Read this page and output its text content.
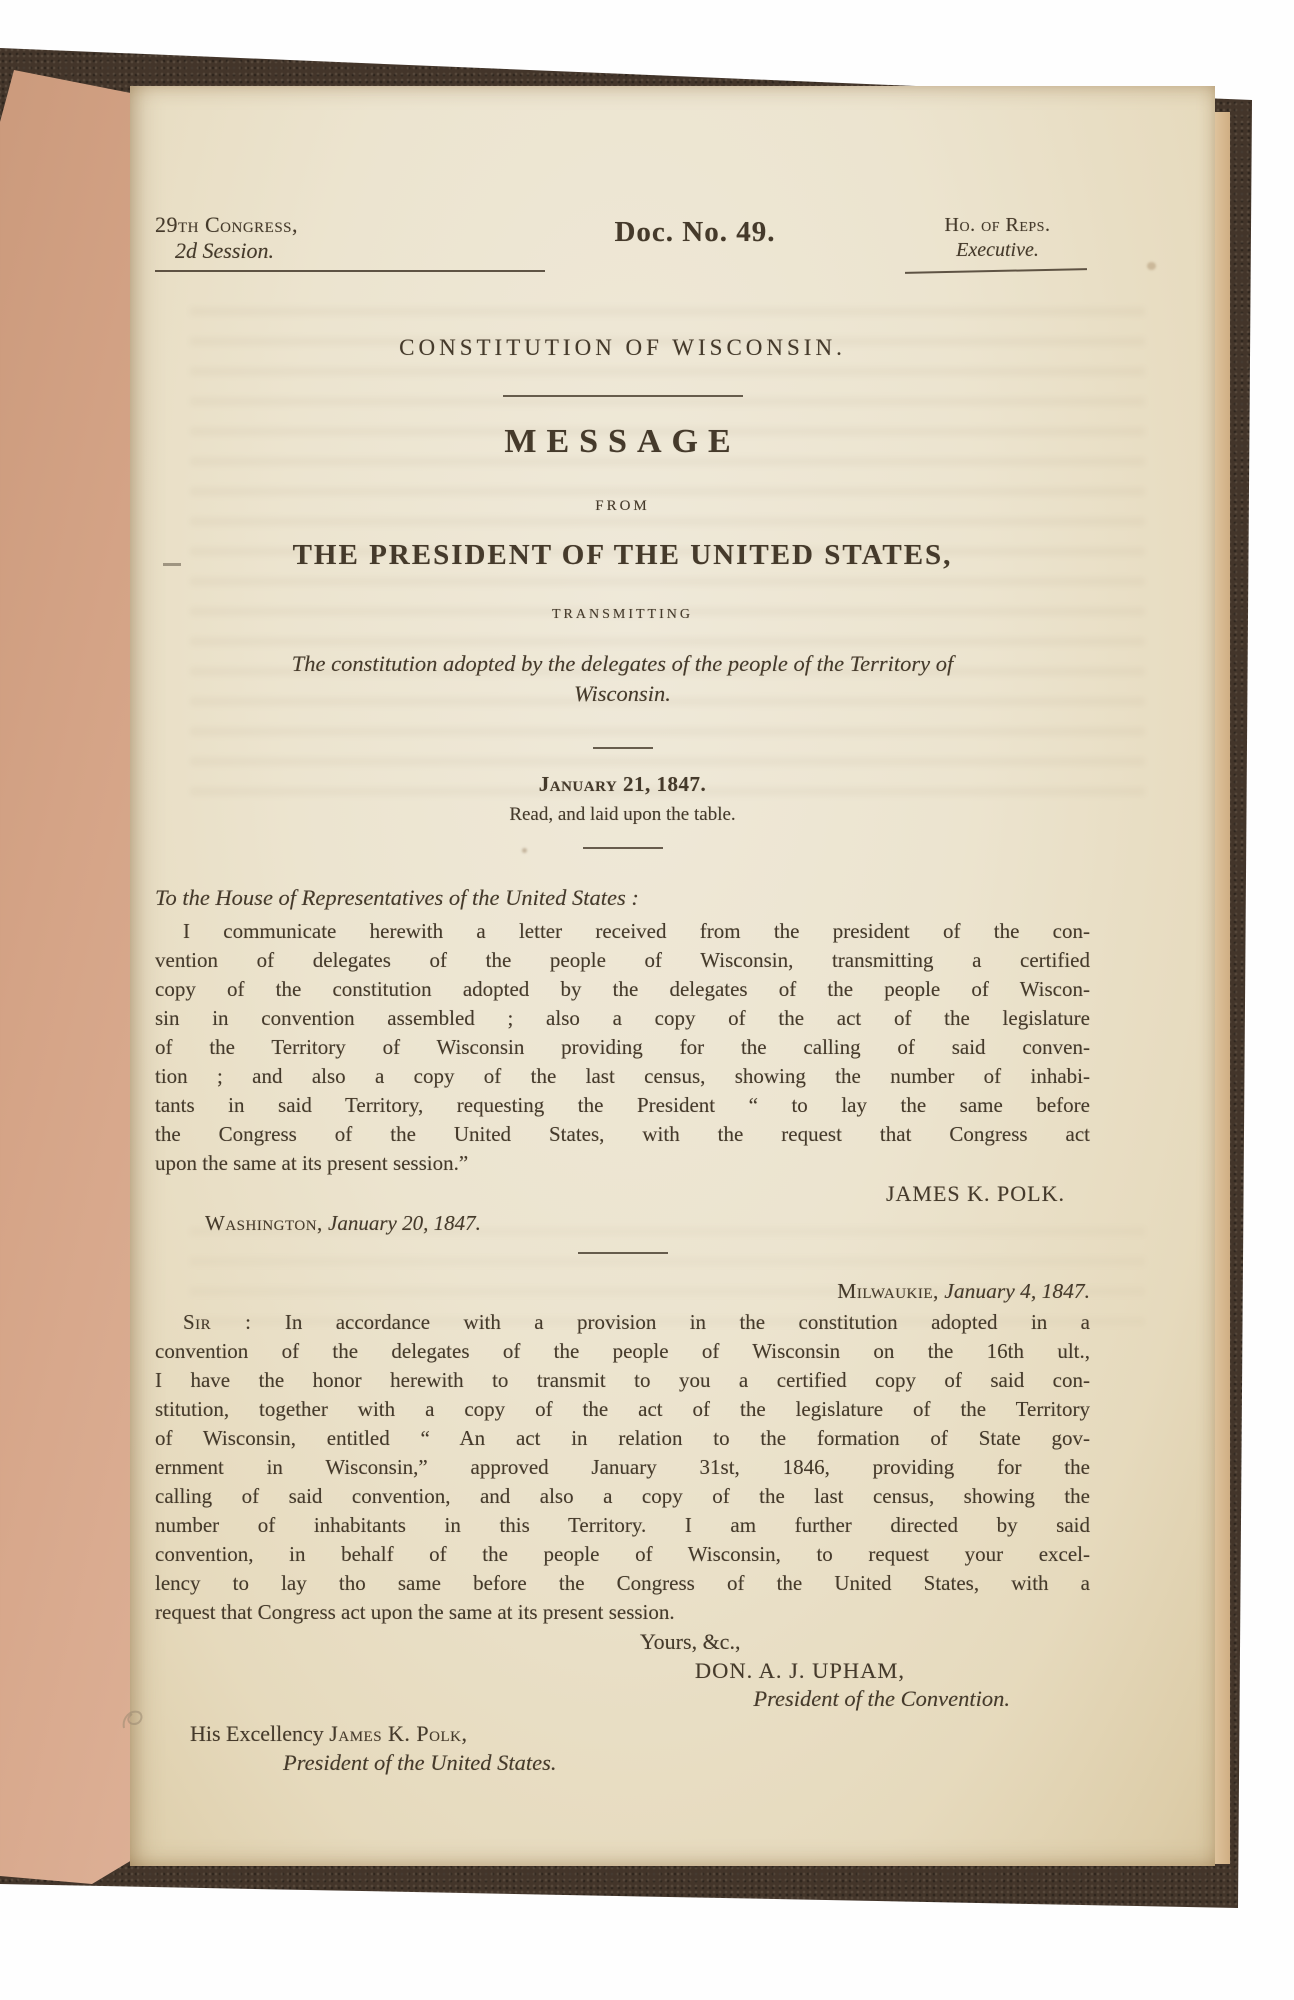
29th Congress,
2d Session.
Doc. No. 49.	Ho. of Reps.
Executive.
CONSTITUTION OF WISCONSIN.
MESSAGE
FROM
THE PRESIDENT OF THE UNITED STATES,
TRANSMITTING
The constitution adopted by the delegates of the people of the Territory of
Wisconsin.
January 21, 1847.
Read, and laid upon the table.
To the House of Representatives of the United States :
I communicate herewith a letter received from the president of the con-
vention of delegates of the people of Wisconsin, transmitting a certified
copy of the constitution adopted by the delegates of the people of Wiscon-
sin in convention assembled ; also a copy of the act of the legislature
of the Territory of Wisconsin providing for the calling of said conven-
tion ; and also a copy of the last census, showing the number of inhabi-
tants in said Territory, requesting the President “ to lay the same before
the Congress of the United States, with the request that Congress act
upon the same at its present session.”
JAMES K. POLK.
Washington, January 20, 1847.
Milwaukie, January 4, 1847.
Sir : In accordance with a provision in the constitution adopted in a
convention of the delegates of the people of Wisconsin on the 16th ult.,
I have the honor herewith to transmit to you a certified copy of said con-
stitution, together with a copy of the act of the legislature of the Territory
of Wisconsin, entitled “ An act in relation to the formation of State gov-
ernment in Wisconsin,” approved January 31st, 1846, providing for the
calling of said convention, and also a copy of the last census, showing the
number of inhabitants in this Territory. I am further directed by said
convention, in behalf of the people of Wisconsin, to request your excel-
lency to lay tho same before the Congress of the United States, with a
request that Congress act upon the same at its present session.
Yours, &c.,
DON. A. J. UPHAM,
President of the Convention.
His Excellency James K. Polk,
President of the United States.
